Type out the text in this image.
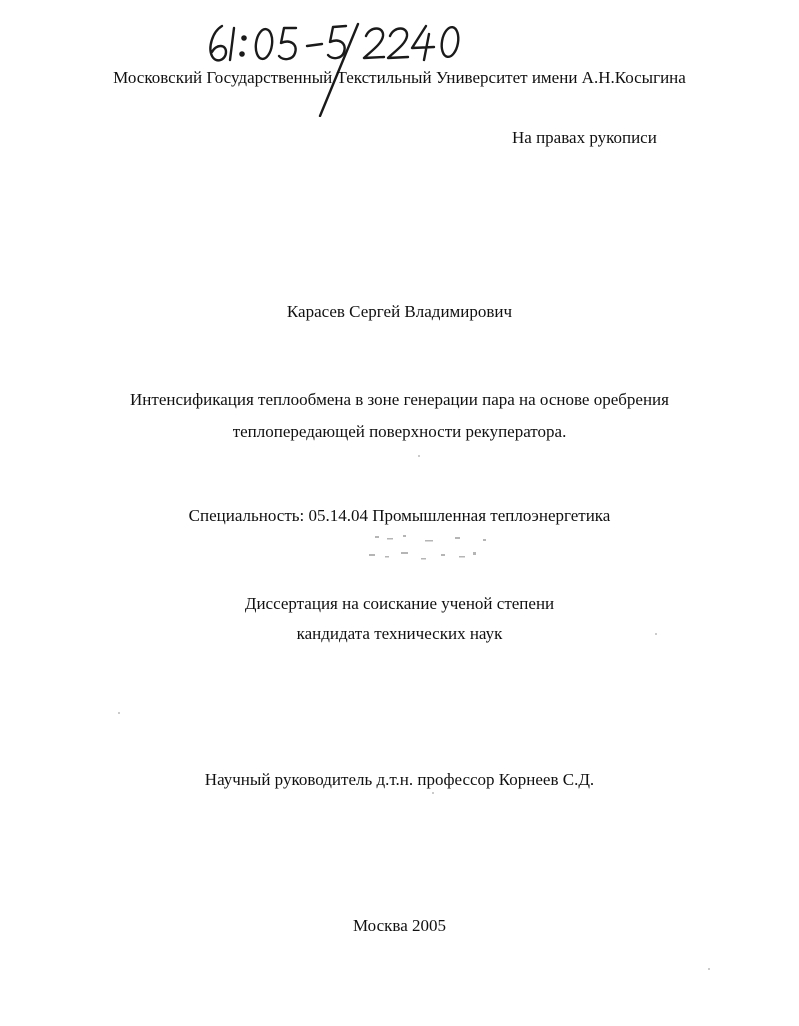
Московский Государственный Текстильный Университет имени А.Н.Косыгина
На правах рукописи
Карасев Сергей Владимирович
Интенсификация теплообмена в зоне генерации пара на основе оребрения
теплопередающей поверхности рекуператора.
Специальность: 05.14.04 Промышленная теплоэнергетика
Диссертация на соискание ученой степени
кандидата технических наук
Научный руководитель д.т.н. профессор Корнеев С.Д.
Москва 2005
